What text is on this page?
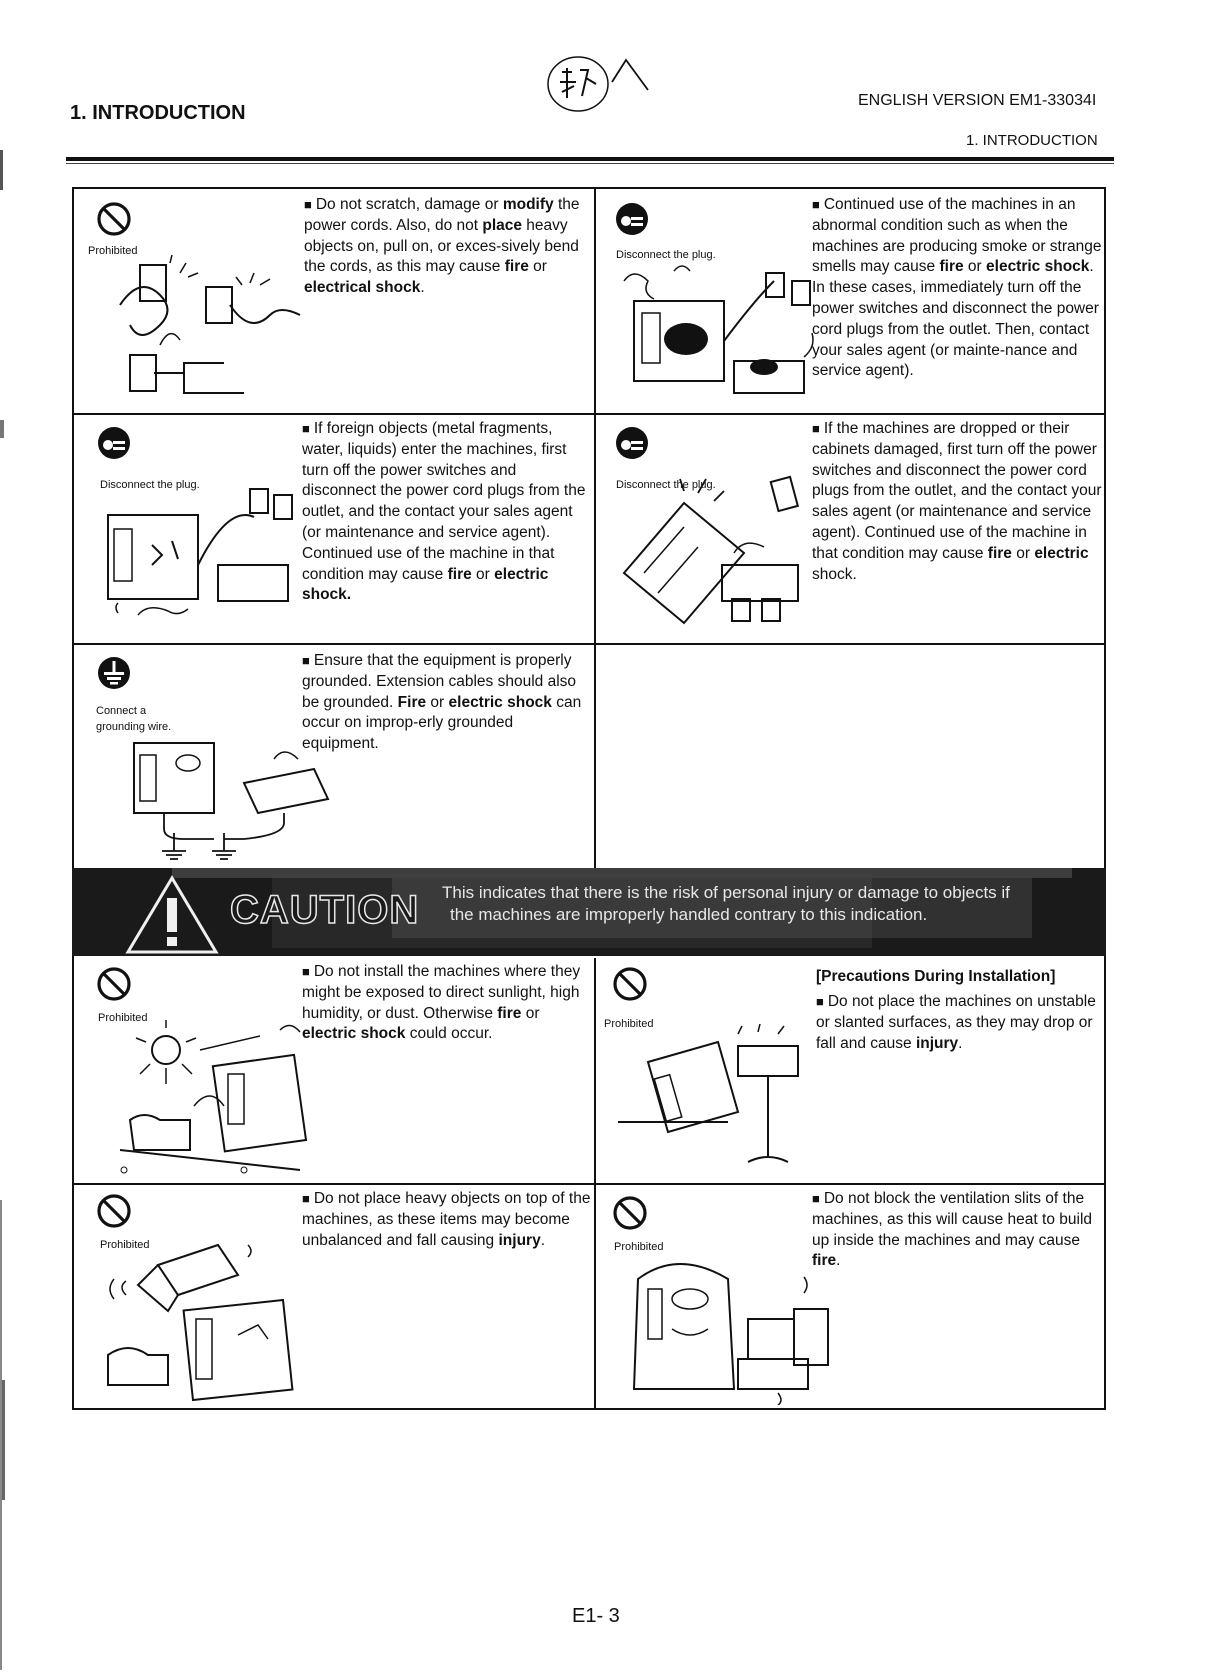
1. INTRODUCTION
ENGLISH VERSION EM1-33034I
1. INTRODUCTION
Prohibited
■ Do not scratch, damage or modify the power cords. Also, do not place heavy objects on, pull on, or exces-sively bend the cords, as this may cause fire or electrical shock.
Disconnect the plug.
■ Continued use of the machines in an abnormal condition such as when the machines are producing smoke or strange smells may cause fire or electric shock. In these cases, immediately turn off the power switches and disconnect the power cord plugs from the outlet. Then, contact your sales agent (or mainte-nance and service agent).
Disconnect the plug.
■ If foreign objects (metal fragments, water, liquids) enter the machines, first turn off the power switches and disconnect the power cord plugs from the outlet, and the contact your sales agent (or maintenance and service agent). Continued use of the machine in that condition may cause fire or electric shock.
Disconnect the plug.
■ If the machines are dropped or their cabinets damaged, first turn off the power switches and disconnect the power cord plugs from the outlet, and the contact your sales agent (or maintenance and service agent). Continued use of the machine in that condition may cause fire or electric shock.
Connect a
grounding wire.
■ Ensure that the equipment is properly grounded. Extension cables should also be grounded. Fire or electric shock can occur on improp-erly grounded equipment.
CAUTION This indicates that there is the risk of personal injury or damage to objects if
the machines are improperly handled contrary to this indication.
Prohibited
■ Do not install the machines where they might be exposed to direct sunlight, high humidity, or dust. Otherwise fire or electric shock could occur.
Prohibited
[Precautions During Installation]
■ Do not place the machines on unstable or slanted surfaces, as they may drop or fall and cause injury.
Prohibited
■ Do not place heavy objects on top of the machines, as these items may become unbalanced and fall causing injury.	Prohibited
■ Do not block the ventilation slits of the machines, as this will cause heat to build up inside the machines and may cause fire.
E1- 3
